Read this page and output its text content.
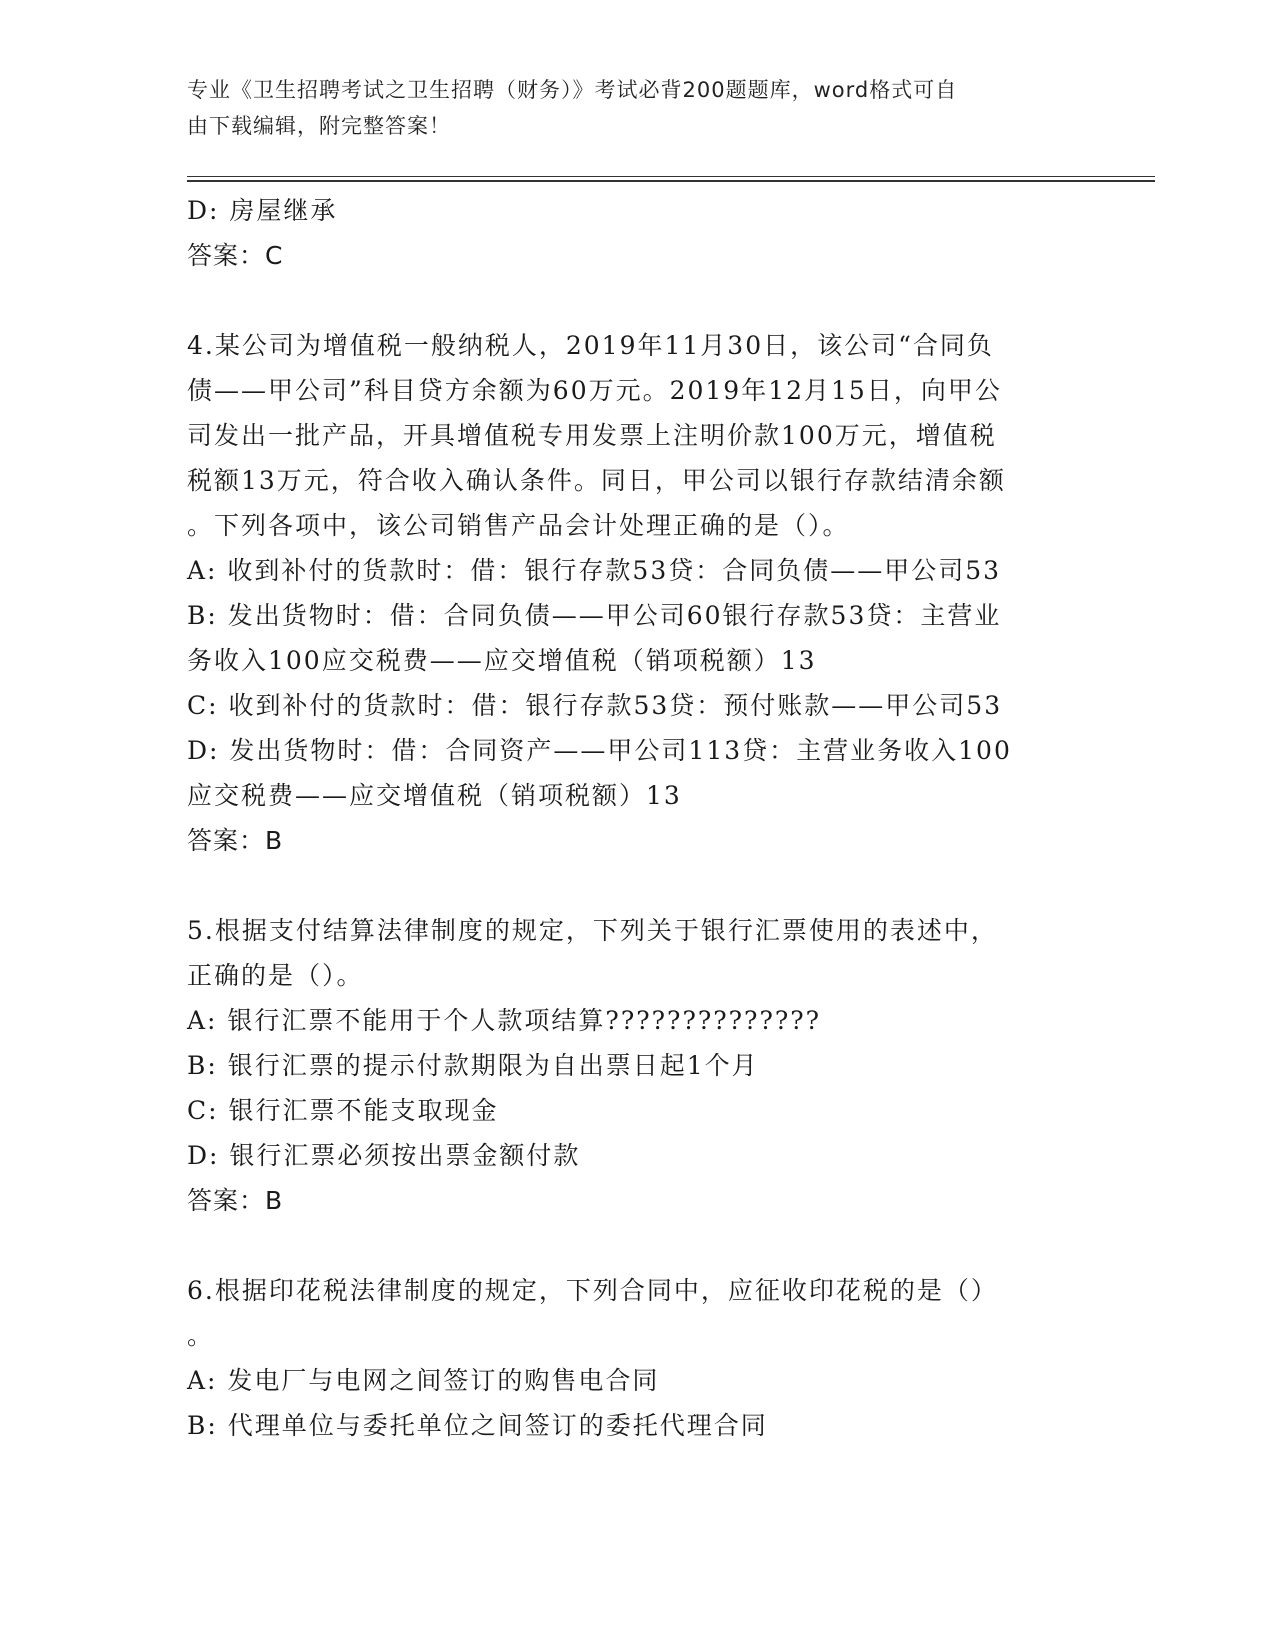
专业《卫生招聘考试之卫生招聘（财务）》考试必背200题题库，word格式可自
由下载编辑，附完整答案！
D: 房屋继承
答案：C
4.某公司为增值税一般纳税人，2019年11月30日，该公司“合同负
债——甲公司”科目贷方余额为60万元。2019年12月15日，向甲公
司发出一批产品，开具增值税专用发票上注明价款100万元，增值税
税额13万元，符合收入确认条件。同日，甲公司以银行存款结清余额
。下列各项中，该公司销售产品会计处理正确的是（）。
A: 收到补付的货款时：借：银行存款53贷：合同负债——甲公司53
B: 发出货物时：借：合同负债——甲公司60银行存款53贷：主营业
务收入100应交税费——应交增值税（销项税额）13
C: 收到补付的货款时：借：银行存款53贷：预付账款——甲公司53
D: 发出货物时：借：合同资产——甲公司113贷：主营业务收入100
应交税费——应交增值税（销项税额）13
答案：B
5.根据支付结算法律制度的规定，下列关于银行汇票使用的表述中，
正确的是（）。
A: 银行汇票不能用于个人款项结算??????????????
B: 银行汇票的提示付款期限为自出票日起1个月
C: 银行汇票不能支取现金
D: 银行汇票必须按出票金额付款
答案：B
6.根据印花税法律制度的规定，下列合同中，应征收印花税的是（）
。
A: 发电厂与电网之间签订的购售电合同
B: 代理单位与委托单位之间签订的委托代理合同
